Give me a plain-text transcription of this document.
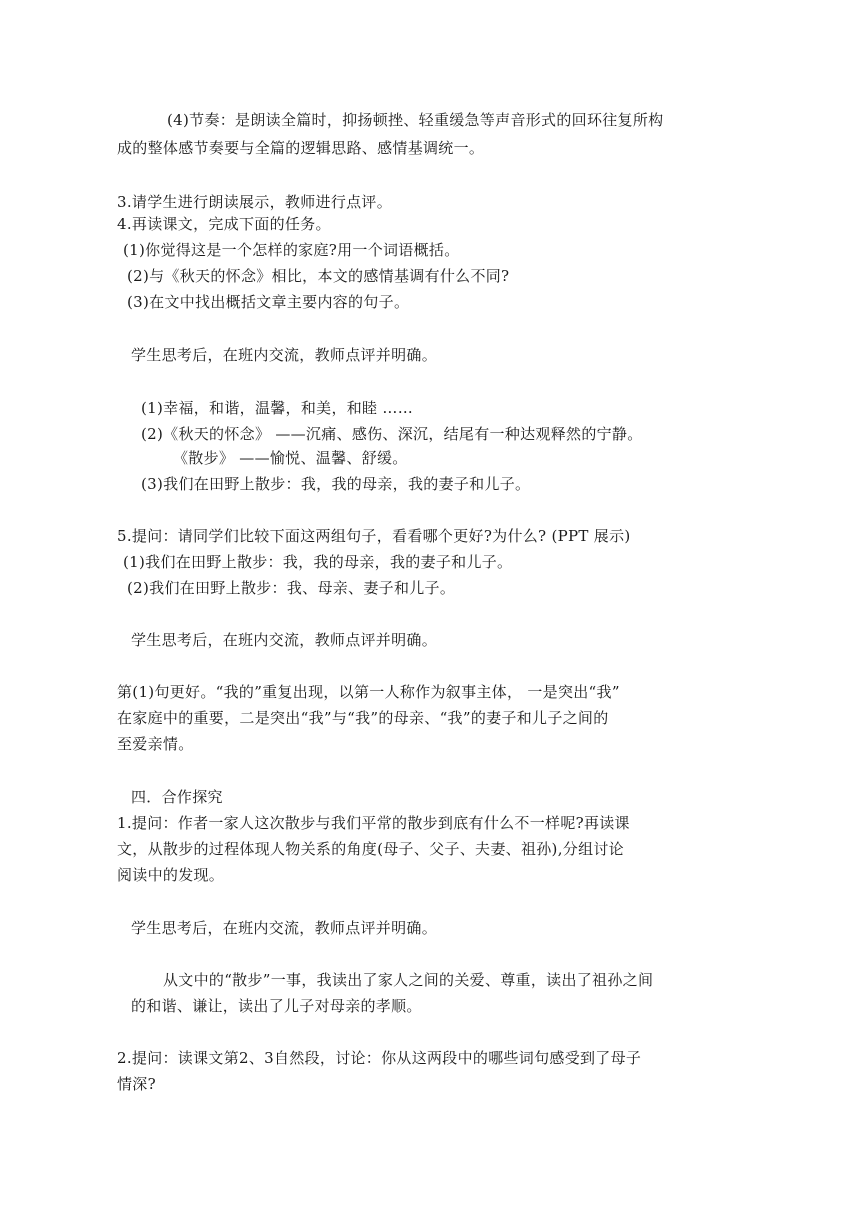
(4)节奏：是朗读全篇时，抑扬顿挫、轻重缓急等声音形式的回环往复所构
成的整体感节奏要与全篇的逻辑思路、感情基调统一。
3.请学生进行朗读展示，教师进行点评。
4.再读课文，完成下面的任务。
(1)你觉得这是一个怎样的家庭?用一个词语概括。
(2)与《秋天的怀念》相比，本文的感情基调有什么不同?
(3)在文中找出概括文章主要内容的句子。
学生思考后，在班内交流，教师点评并明确。
(1)幸福，和谐，温馨，和美，和睦 ……
(2)《秋天的怀念》 ——沉痛、感伤、深沉，结尾有一种达观释然的宁静。
《散步》 ——愉悦、温馨、舒缓。
(3)我们在田野上散步：我，我的母亲，我的妻子和儿子。
5.提问：请同学们比较下面这两组句子，看看哪个更好?为什么? (PPT 展示)
(1)我们在田野上散步：我，我的母亲，我的妻子和儿子。
(2)我们在田野上散步：我、母亲、妻子和儿子。
学生思考后，在班内交流，教师点评并明确。
第(1)句更好。“我的”重复出现，以第一人称作为叙事主体， 一是突出“我”
在家庭中的重要，二是突出“我”与“我”的母亲、“我”的妻子和儿子之间的
至爱亲情。
四．合作探究
1.提问：作者一家人这次散步与我们平常的散步到底有什么不一样呢?再读课
文，从散步的过程体现人物关系的角度(母子、父子、夫妻、祖孙),分组讨论
阅读中的发现。
学生思考后，在班内交流，教师点评并明确。
从文中的“散步”一事，我读出了家人之间的关爱、尊重，读出了祖孙之间
的和谐、谦让，读出了儿子对母亲的孝顺。
2.提问：读课文第2、3自然段，讨论：你从这两段中的哪些词句感受到了母子
情深?
